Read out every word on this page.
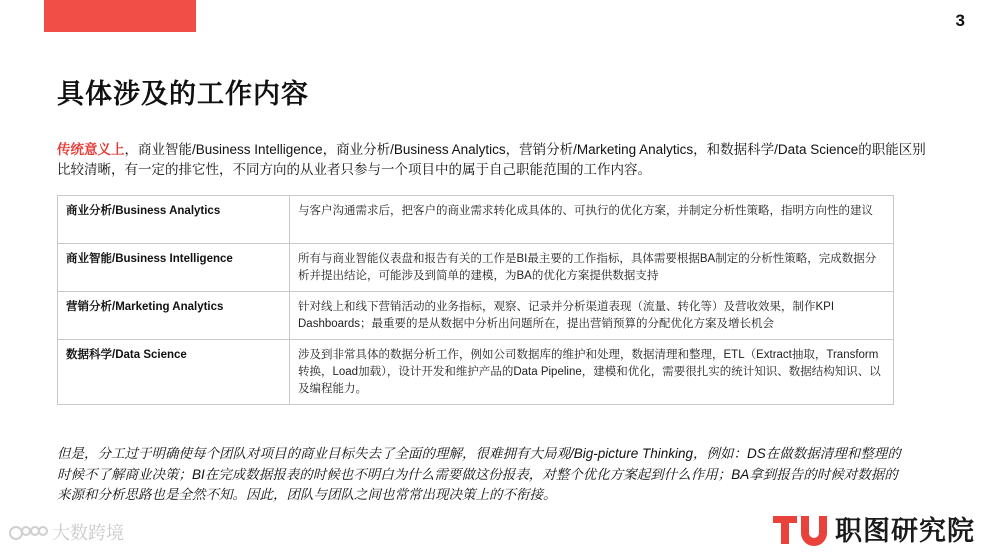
3
具体涉及的工作内容
传统意义上，商业智能/Business Intelligence，商业分析/Business Analytics，营销分析/Marketing Analytics，和数据科学/Data Science的职能区别比较清晰，有一定的排它性，不同方向的从业者只参与一个项目中的属于自己职能范围的工作内容。
商业分析/Business Analytics	与客户沟通需求后，把客户的商业需求转化成具体的、可执行的优化方案，并制定分析性策略，指明方向性的建议
商业智能/Business Intelligence	所有与商业智能仪表盘和报告有关的工作是BI最主要的工作指标，具体需要根据BA制定的分析性策略，完成数据分析并提出结论，可能涉及到简单的建模，为BA的优化方案提供数据支持
营销分析/Marketing Analytics	针对线上和线下营销活动的业务指标，观察、记录并分析渠道表现（流量、转化等）及营收效果，制作KPI Dashboards；最重要的是从数据中分析出问题所在，提出营销预算的分配优化方案及增长机会
数据科学/Data Science	涉及到非常具体的数据分析工作，例如公司数据库的维护和处理，数据清理和整理，ETL（Extract抽取，Transform转换，Load加载），设计开发和维护产品的Data Pipeline，建模和优化，需要很扎实的统计知识、数据结构知识、以及编程能力。
但是，分工过于明确使每个团队对项目的商业目标失去了全面的理解，很难拥有大局观/Big-picture Thinking，例如：DS在做数据清理和整理的时候不了解商业决策；BI在完成数据报表的时候也不明白为什么需要做这份报表，对整个优化方案起到什么作用；BA拿到报告的时候对数据的来源和分析思路也是全然不知。因此，团队与团队之间也常常出现决策上的不衔接。
大数跨境	职图研究院
